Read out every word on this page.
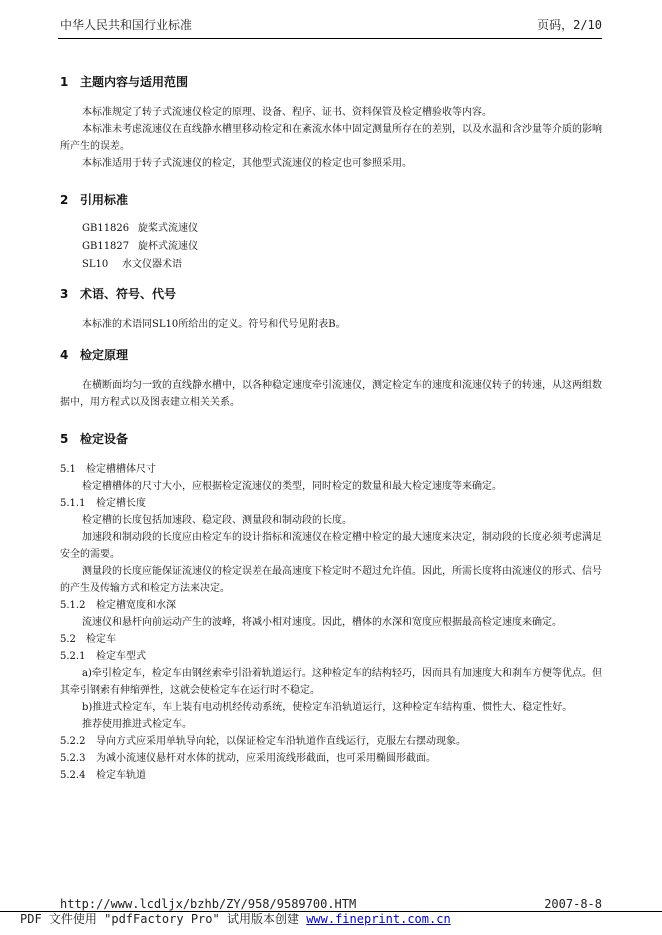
中华人民共和国行业标准	页码，2/10
1 主题内容与适用范围

本标准规定了转子式流速仪检定的原理、设备、程序、证书、资料保管及检定槽验收等内容。

本标准未考虑流速仪在直线静水槽里移动检定和在紊流水体中固定测量所存在的差别，以及水温和含沙量等介质的影响所产生的误差。

本标准适用于转子式流速仪的检定，其他型式流速仪的检定也可参照采用。

2 引用标准

GB11826 旋桨式流速仪

GB11827 旋杯式流速仪

SL10 水文仪器术语

3 术语、符号、代号

本标准的术语同SL10所给出的定义。符号和代号见附表B。

4 检定原理

在横断面均匀一致的直线静水槽中，以各种稳定速度牵引流速仪，测定检定车的速度和流速仪转子的转速，从这两组数据中，用方程式以及图表建立相关关系。

5 检定设备

5.1 检定槽槽体尺寸

检定槽槽体的尺寸大小，应根据检定流速仪的类型，同时检定的数量和最大检定速度等来确定。

5.1.1 检定槽长度

检定槽的长度包括加速段、稳定段、测量段和制动段的长度。

加速段和制动段的长度应由检定车的设计指标和流速仪在检定槽中检定的最大速度来决定，制动段的长度必须考虑满足安全的需要。

测量段的长度应能保证流速仪的检定误差在最高速度下检定时不超过允许值。因此，所需长度将由流速仪的形式、信号的产生及传输方式和检定方法来决定。

5.1.2 检定槽宽度和水深

流速仪和悬杆向前运动产生的波峰，将减小相对速度。因此，槽体的水深和宽度应根据最高检定速度来确定。

5.2 检定车

5.2.1 检定车型式

a)牵引检定车，检定车由钢丝索牵引沿着轨道运行。这种检定车的结构轻巧，因而具有加速度大和刹车方便等优点。但其牵引钢索有伸缩弹性，这就会使检定车在运行时不稳定。

b)推进式检定车，车上装有电动机经传动系统，使检定车沿轨道运行，这种检定车结构重、惯性大、稳定性好。

推荐使用推进式检定车。

5.2.2 导向方式应采用单轨导向轮，以保证检定车沿轨道作直线运行，克服左右摆动现象。

5.2.3 为减小流速仪悬杆对水体的扰动，应采用流线形截面，也可采用椭圆形截面。

5.2.4 检定车轨道

http://www.lcdljx/bzhb/ZY/958/9589700.HTM	2007-8-8
PDF 文件使用 "pdfFactory Pro" 试用版本创建 www.fineprint.com.cn
